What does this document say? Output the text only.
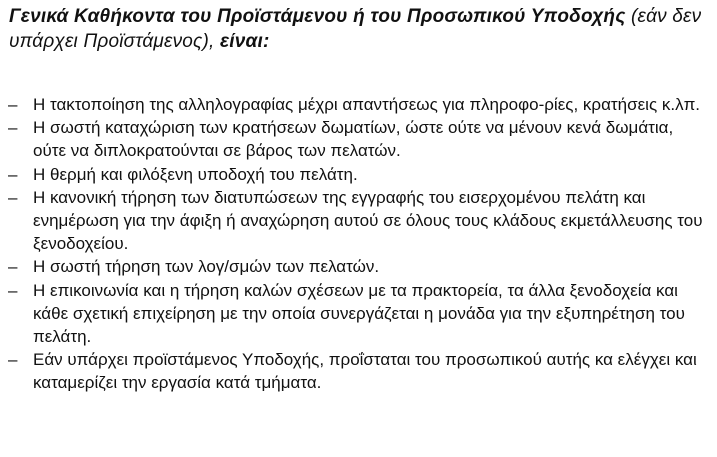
Γενικά Καθήκοντα του Προϊστάμενου ή του Προσωπικού Υποδοχής (εάν δεν υπάρχει Προϊστάμενος), είναι:
– Η τακτοποίηση της αλληλογραφίας μέχρι απαντήσεως για πληροφο-ρίες, κρατήσεις κ.λπ.
– Η σωστή καταχώριση των κρατήσεων δωματίων, ώστε ούτε να μένουν κενά δωμάτια, ούτε να διπλοκρατούνται σε βάρος των πελατών.
– Η θερμή και φιλόξενη υποδοχή του πελάτη.
– Η κανονική τήρηση των διατυπώσεων της εγγραφής του εισερχομένου πελάτη και ενημέρωση για την άφιξη ή αναχώρηση αυτού σε όλους τους κλάδους εκμετάλλευσης του ξενοδοχείου.
– Η σωστή τήρηση των λογ/σμών των πελατών.
– Η επικοινωνία και η τήρηση καλών σχέσεων με τα πρακτορεία, τα άλλα ξενοδοχεία και κάθε σχετική επιχείρηση με την οποία συνεργάζεται η μονάδα για την εξυπηρέτηση του πελάτη.
– Εάν υπάρχει προϊστάμενος Υποδοχής, προΐσταται του προσωπικού αυτής κα ελέγχει και καταμερίζει την εργασία κατά τμήματα.
